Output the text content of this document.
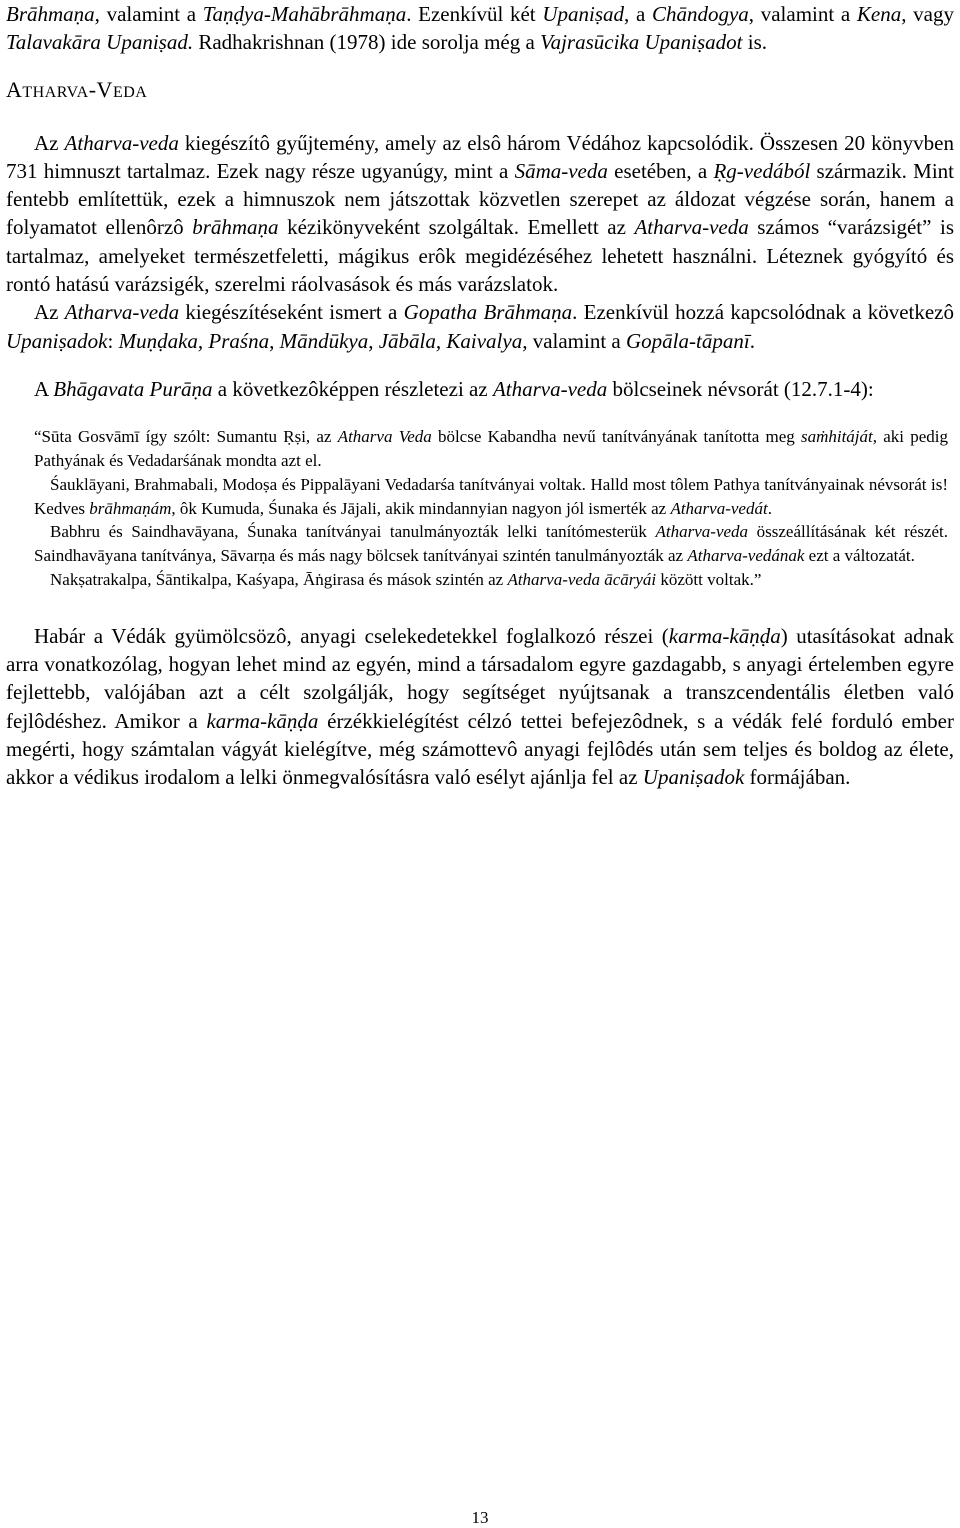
Brāhmaṇa, valamint a Taṇḍya-Mahābrāhmaṇa. Ezenkívül két Upaniṣad, a Chāndogya, valamint a Kena, vagy Talavakāra Upaniṣad. Radhakrishnan (1978) ide sorolja még a Vajrasūcika Upaniṣadot is.

ATHARVA-VEDA

Az Atharva-veda kiegészítô gyűjtemény, amely az elsô három Védához kapcsolódik. Összesen 20 könyvben 731 himnuszt tartalmaz. Ezek nagy része ugyanúgy, mint a Sāma-veda esetében, a Ṛg-vedából származik. Mint fentebb említettük, ezek a himnuszok nem játszottak közvetlen szerepet az áldozat végzése során, hanem a folyamatot ellenôrzô brāhmaṇa kézikönyveként szolgáltak. Emellett az Atharva-veda számos “varázsigét” is tartalmaz, amelyeket természetfeletti, mágikus erôk megidézéséhez lehetett használni. Léteznek gyógyító és rontó hatású varázsigék, szerelmi ráolvasások és más varázslatok.

Az Atharva-veda kiegészítéseként ismert a Gopatha Brāhmaṇa. Ezenkívül hozzá kapcsolódnak a következô Upaniṣadok: Muṇḍaka, Praśna, Māndūkya, Jābāla, Kaivalya, valamint a Gopāla-tāpanī.

A Bhāgavata Purāṇa a következôképpen részletezi az Atharva-veda bölcseinek névsorát (12.7.1-4):

“Sūta Gosvāmī így szólt: Sumantu Ṛṣi, az Atharva Veda bölcse Kabandha nevű tanítványának tanította meg saṁhitáját, aki pedig Pathyának és Vedadarśának mondta azt el.

Śauklāyani, Brahmabali, Modoṣa és Pippalāyani Vedadarśa tanítványai voltak. Halld most tôlem Pathya tanítványainak névsorát is! Kedves brāhmaṇám, ôk Kumuda, Śunaka és Jājali, akik mindannyian nagyon jól ismerték az Atharva-vedát.

Babhru és Saindhavāyana, Śunaka tanítványai tanulmányozták lelki tanítómesterük Atharva-veda összeállításának két részét. Saindhavāyana tanítványa, Sāvarṇa és más nagy bölcsek tanítványai szintén tanulmányozták az Atharva-vedának ezt a változatát.

Nakṣatrakalpa, Śāntikalpa, Kaśyapa, Āṅgirasa és mások szintén az Atharva-veda ācāryái között voltak.”

Habár a Védák gyümölcsözô, anyagi cselekedetekkel foglalkozó részei (karma-kāṇḍa) utasításokat adnak arra vonatkozólag, hogyan lehet mind az egyén, mind a társadalom egyre gazdagabb, s anyagi értelemben egyre fejlettebb, valójában azt a célt szolgálják, hogy segítséget nyújtsanak a transzcendentális életben való fejlôdéshez. Amikor a karma-kāṇḍa érzékkielégítést célzó tettei befejezôdnek, s a védák felé forduló ember megérti, hogy számtalan vágyát kielégítve, még számottevô anyagi fejlôdés után sem teljes és boldog az élete, akkor a védikus irodalom a lelki önmegvalósításra való esélyt ajánlja fel az Upaniṣadok formájában.

13
